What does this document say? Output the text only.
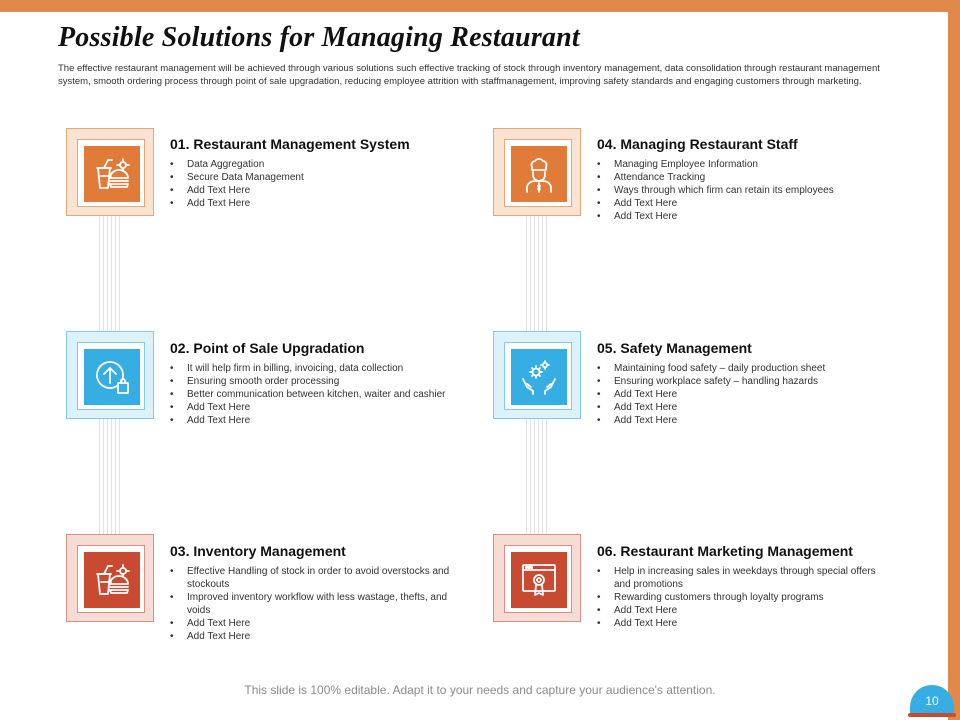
Possible Solutions for Managing Restaurant

The effective restaurant management will be achieved through various solutions such effective tracking of stock through inventory management, data consolidation through restaurant management system, smooth ordering process through point of sale upgradation, reducing employee attrition with staffmanagement, improving safety standards and engaging customers through marketing.

01. Restaurant Management System
• Data Aggregation
• Secure Data Management
• Add Text Here
• Add Text Here
02. Point of Sale Upgradation
• It will help firm in billing, invoicing, data collection
• Ensuring smooth order processing
• Better communication between kitchen, waiter and cashier
• Add Text Here
• Add Text Here
03. Inventory Management
• Effective Handling of stock in order to avoid overstocks and stockouts
• Improved inventory workflow with less wastage, thefts, and voids
• Add Text Here
• Add Text Here
04. Managing Restaurant Staff
• Managing Employee Information
• Attendance Tracking
• Ways through which firm can retain its employees
• Add Text Here
• Add Text Here
05. Safety Management
• Maintaining food safety – daily production sheet
• Ensuring workplace safety – handling hazards
• Add Text Here
• Add Text Here
• Add Text Here
06. Restaurant Marketing Management
• Help in increasing sales in weekdays through special offers and promotions
• Rewarding customers through loyalty programs
• Add Text Here
• Add Text Here
This slide is 100% editable. Adapt it to your needs and capture your audience's attention.
10
